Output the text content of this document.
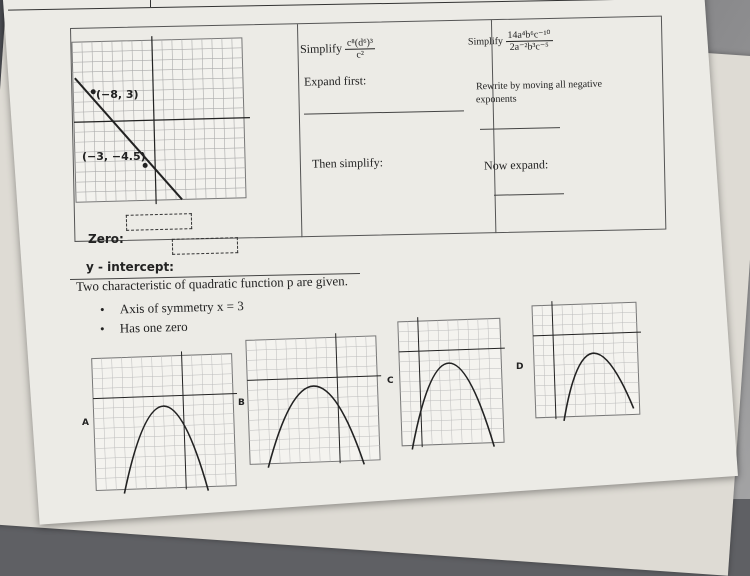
(−8, 3)
(−3, −4.5)
Zero:
y - intercept:
Simplify $\frac{\text{c⁸(d⁶)³}}{\text{c²}}$
Expand first:
Then simplify:
Simplify $\frac{\text{14a⁴b⁶c⁻¹⁰}}{\text{2a⁻²b³c⁻⁵}}$
Rewrite by moving all negative
exponents
Now expand:
Two characteristic of quadratic function p are given.
• Axis of symmetry x = 3
• Has one zero
A
B
C
D
